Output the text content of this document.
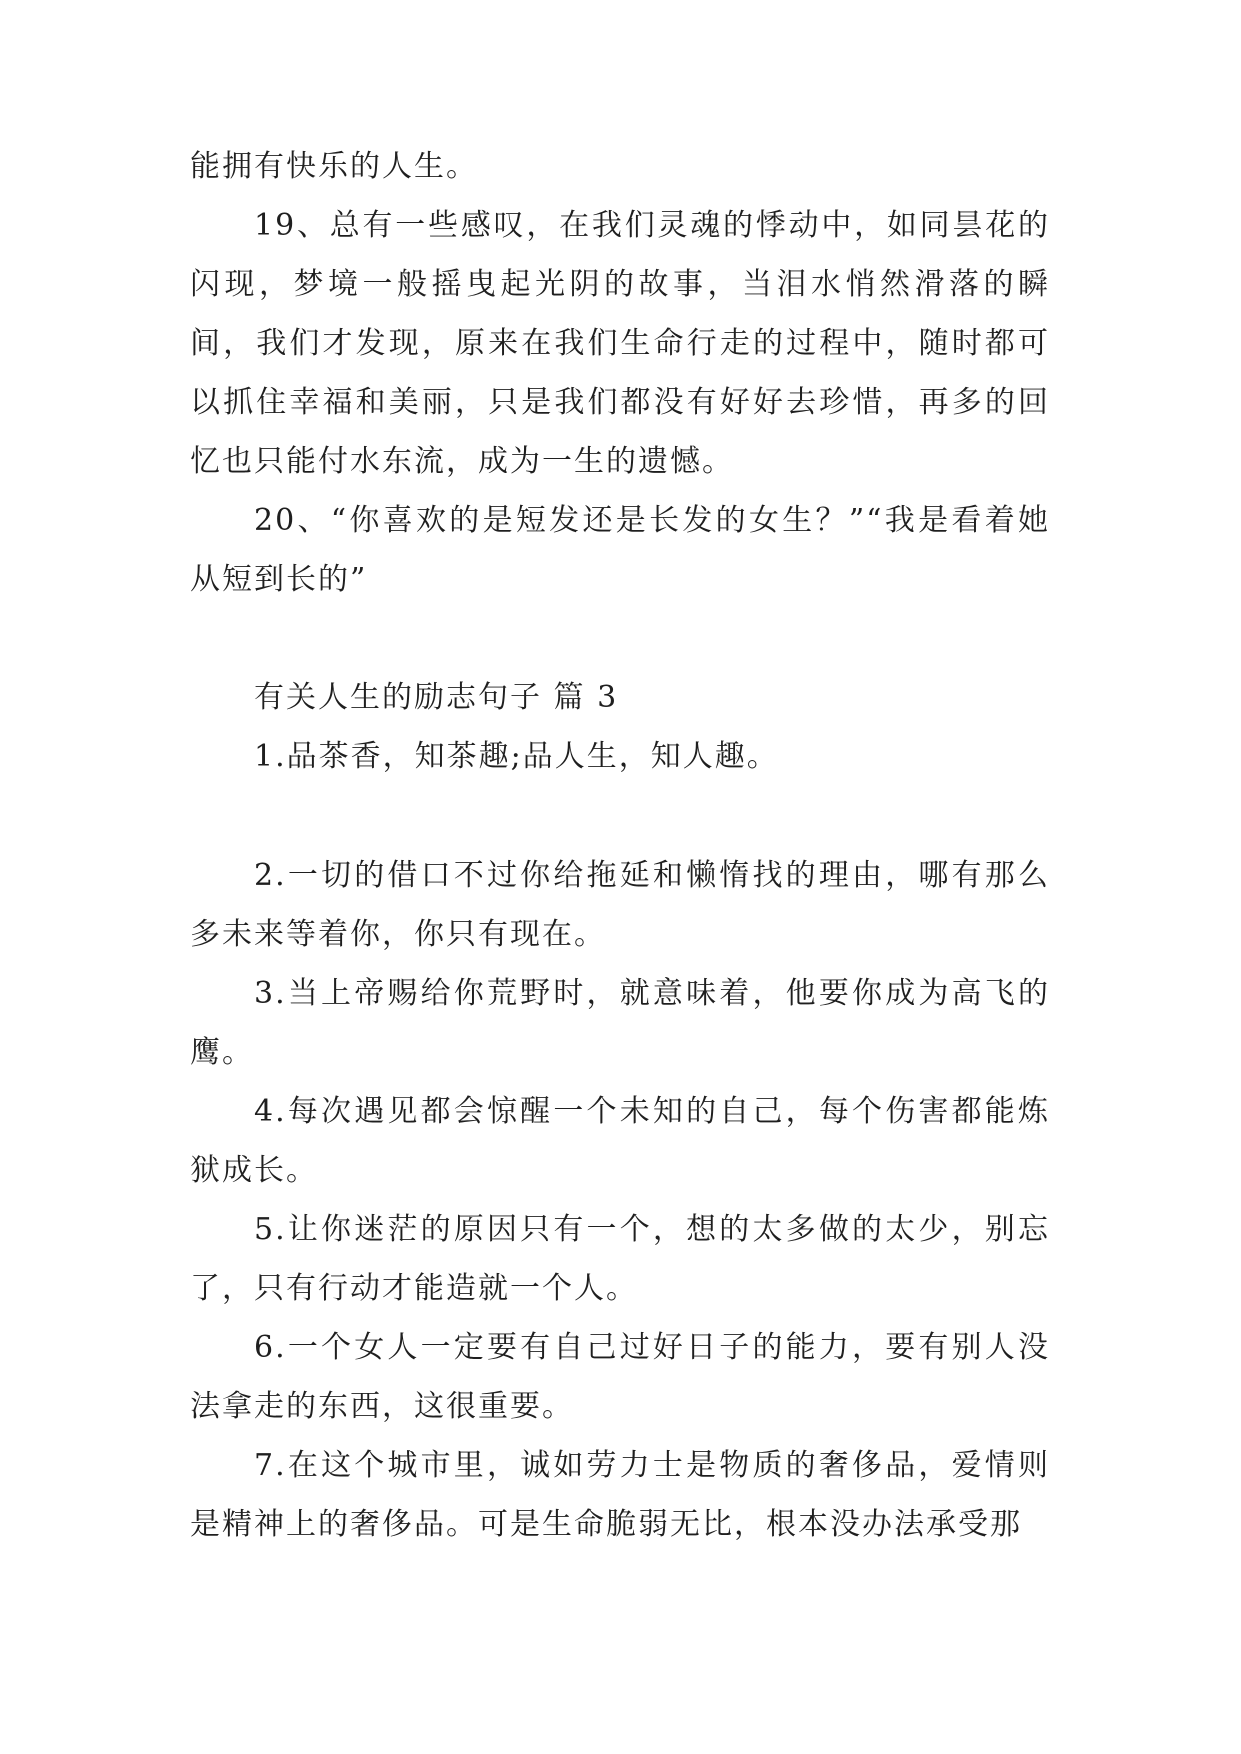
能拥有快乐的人生。

19、总有一些感叹，在我们灵魂的悸动中，如同昙花的闪现，梦境一般摇曳起光阴的故事，当泪水悄然滑落的瞬间，我们才发现，原来在我们生命行走的过程中，随时都可以抓住幸福和美丽，只是我们都没有好好去珍惜，再多的回忆也只能付水东流，成为一生的遗憾。

20、“你喜欢的是短发还是长发的女生？”“我是看着她从短到长的”

有关人生的励志句子 篇 3

1.品茶香，知茶趣;品人生，知人趣。

2.一切的借口不过你给拖延和懒惰找的理由，哪有那么多未来等着你，你只有现在。

3.当上帝赐给你荒野时，就意味着，他要你成为高飞的鹰。

4.每次遇见都会惊醒一个未知的自己，每个伤害都能炼狱成长。

5.让你迷茫的原因只有一个，想的太多做的太少，别忘了，只有行动才能造就一个人。

6.一个女人一定要有自己过好日子的能力，要有别人没法拿走的东西，这很重要。

7.在这个城市里，诚如劳力士是物质的奢侈品，爱情则是精神上的奢侈品。可是生命脆弱无比，根本没办法承受那
